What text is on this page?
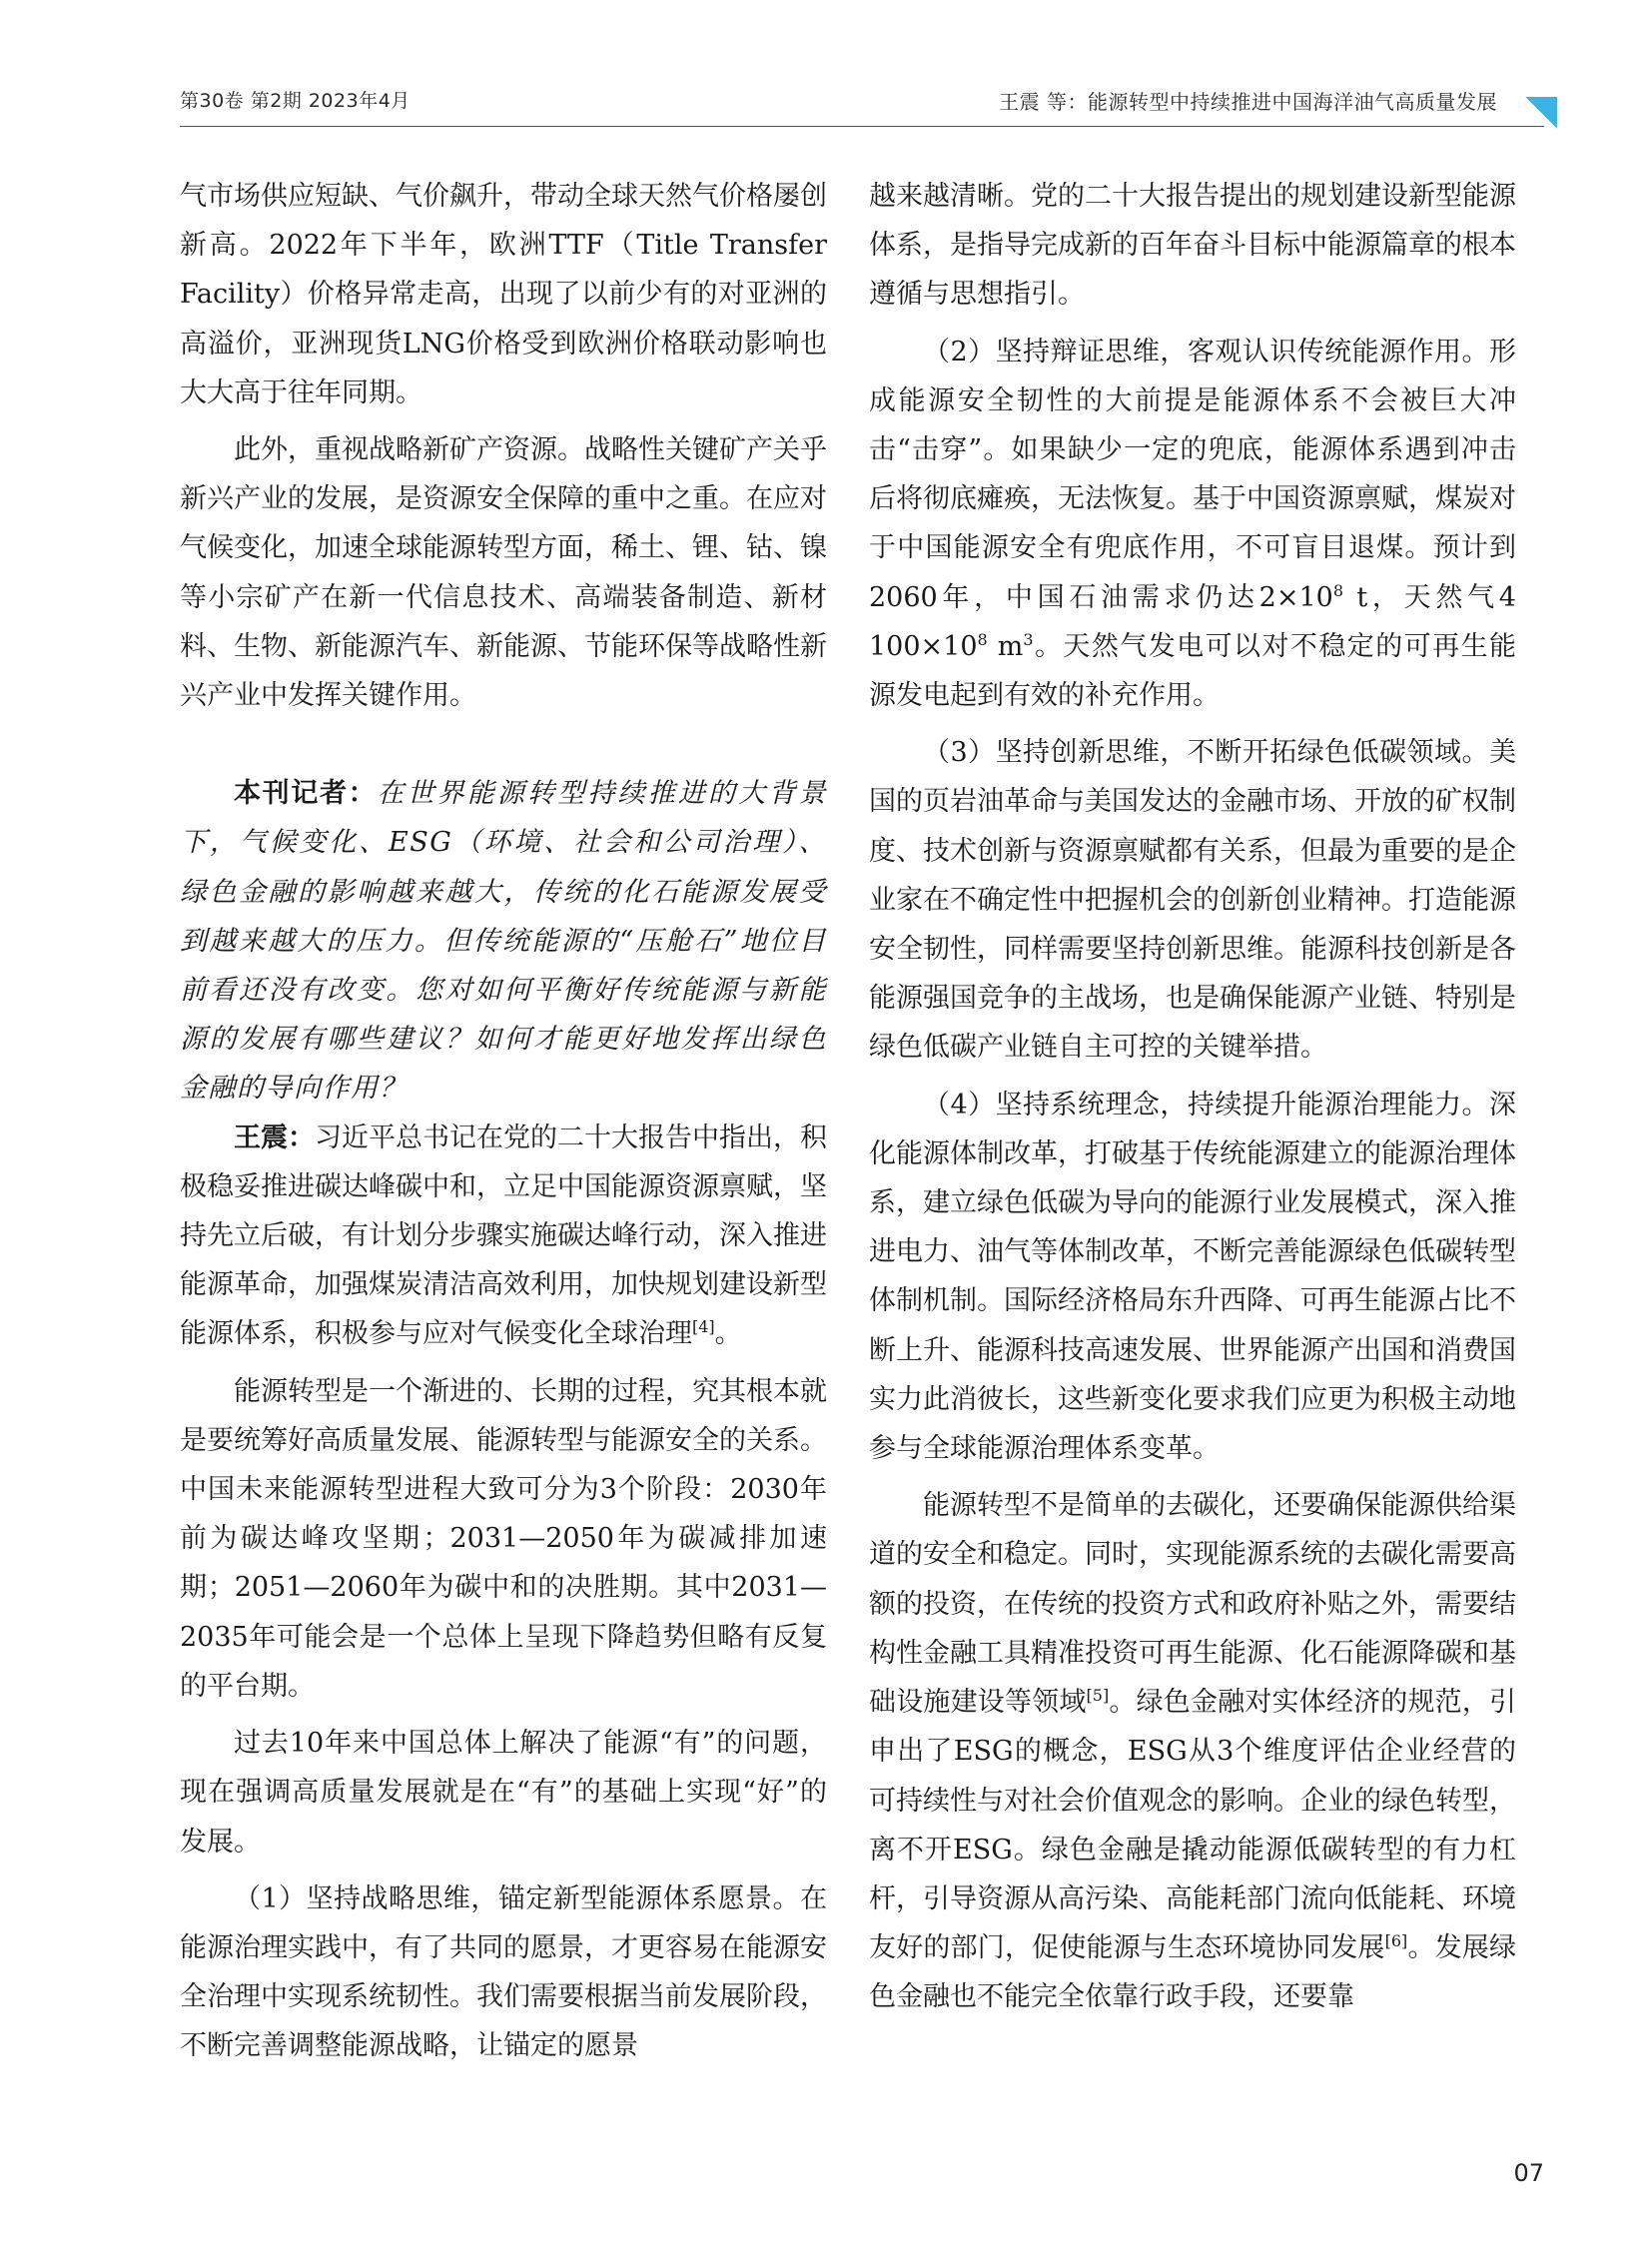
第30卷 第2期 2023年4月	王震 等：能源转型中持续推进中国海洋油气高质量发展

气市场供应短缺、气价飙升，带动全球天然气价格屡创新高。2022年下半年，欧洲TTF（Title Transfer Facility）价格异常走高，出现了以前少有的对亚洲的高溢价，亚洲现货LNG价格受到欧洲价格联动影响也大大高于往年同期。

此外，重视战略新矿产资源。战略性关键矿产关乎新兴产业的发展，是资源安全保障的重中之重。在应对气候变化，加速全球能源转型方面，稀土、锂、钴、镍等小宗矿产在新一代信息技术、高端装备制造、新材料、生物、新能源汽车、新能源、节能环保等战略性新兴产业中发挥关键作用。

本刊记者：在世界能源转型持续推进的大背景下，气候变化、ESG（环境、社会和公司治理）、绿色金融的影响越来越大，传统的化石能源发展受到越来越大的压力。但传统能源的“压舱石”地位目前看还没有改变。您对如何平衡好传统能源与新能源的发展有哪些建议？如何才能更好地发挥出绿色金融的导向作用？

王震：习近平总书记在党的二十大报告中指出，积极稳妥推进碳达峰碳中和，立足中国能源资源禀赋，坚持先立后破，有计划分步骤实施碳达峰行动，深入推进能源革命，加强煤炭清洁高效利用，加快规划建设新型能源体系，积极参与应对气候变化全球治理[4]。

能源转型是一个渐进的、长期的过程，究其根本就是要统筹好高质量发展、能源转型与能源安全的关系。中国未来能源转型进程大致可分为3个阶段：2030年前为碳达峰攻坚期；2031—2050年为碳减排加速期；2051—2060年为碳中和的决胜期。其中2031—2035年可能会是一个总体上呈现下降趋势但略有反复的平台期。

过去10年来中国总体上解决了能源“有”的问题，现在强调高质量发展就是在“有”的基础上实现“好”的发展。

（1）坚持战略思维，锚定新型能源体系愿景。在能源治理实践中，有了共同的愿景，才更容易在能源安全治理中实现系统韧性。我们需要根据当前发展阶段，不断完善调整能源战略，让锚定的愿景

越来越清晰。党的二十大报告提出的规划建设新型能源体系，是指导完成新的百年奋斗目标中能源篇章的根本遵循与思想指引。

（2）坚持辩证思维，客观认识传统能源作用。形成能源安全韧性的大前提是能源体系不会被巨大冲击“击穿”。如果缺少一定的兜底，能源体系遇到冲击后将彻底瘫痪，无法恢复。基于中国资源禀赋，煤炭对于中国能源安全有兜底作用，不可盲目退煤。预计到2060年，中国石油需求仍达$2\times 10^8$ t，天然气4 $100\times 10^8$ $m^3$。天然气发电可以对不稳定的可再生能源发电起到有效的补充作用。

（3）坚持创新思维，不断开拓绿色低碳领域。美国的页岩油革命与美国发达的金融市场、开放的矿权制度、技术创新与资源禀赋都有关系，但最为重要的是企业家在不确定性中把握机会的创新创业精神。打造能源安全韧性，同样需要坚持创新思维。能源科技创新是各能源强国竞争的主战场，也是确保能源产业链、特别是绿色低碳产业链自主可控的关键举措。

（4）坚持系统理念，持续提升能源治理能力。深化能源体制改革，打破基于传统能源建立的能源治理体系，建立绿色低碳为导向的能源行业发展模式，深入推进电力、油气等体制改革，不断完善能源绿色低碳转型体制机制。国际经济格局东升西降、可再生能源占比不断上升、能源科技高速发展、世界能源产出国和消费国实力此消彼长，这些新变化要求我们应更为积极主动地参与全球能源治理体系变革。

能源转型不是简单的去碳化，还要确保能源供给渠道的安全和稳定。同时，实现能源系统的去碳化需要高额的投资，在传统的投资方式和政府补贴之外，需要结构性金融工具精准投资可再生能源、化石能源降碳和基础设施建设等领域[5]。绿色金融对实体经济的规范，引申出了ESG的概念，ESG从3个维度评估企业经营的可持续性与对社会价值观念的影响。企业的绿色转型，离不开ESG。绿色金融是撬动能源低碳转型的有力杠杆，引导资源从高污染、高能耗部门流向低能耗、环境友好的部门，促使能源与生态环境协同发展[6]。发展绿色金融也不能完全依靠行政手段，还要靠

07
